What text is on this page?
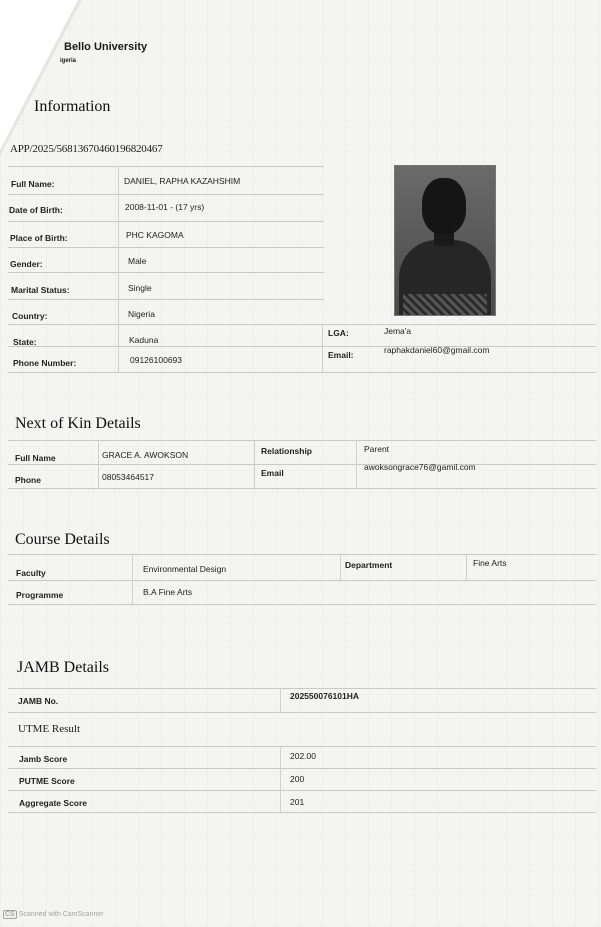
Bello University
igeria
Information
APP/2025/56813670460196820467
Full Name:	DANIEL, RAPHA KAZAHSHIM
Date of Birth:	2008-11-01 - (17 yrs)
Place of Birth:	PHC KAGOMA
Gender:	Male
Marital Status:	Single
Country:	Nigeria
State:	Kaduna
LGA:	Jema'a
Phone Number:	09126100693	Email:	raphakdaniel60@gmail.com
Next of Kin Details
Full Name	GRACE A. AWOKSON	Relationship	Parent
Phone	08053464517	Email
awoksongrace76@gamil.com
Course Details
Faculty	Environmental Design	Department	Fine Arts
Programme	B.A Fine Arts
JAMB Details
JAMB No.	202550076101HA
UTME Result
Jamb Score	202.00
PUTME Score	200
Aggregate Score	201
CS Scanned with CamScanner
